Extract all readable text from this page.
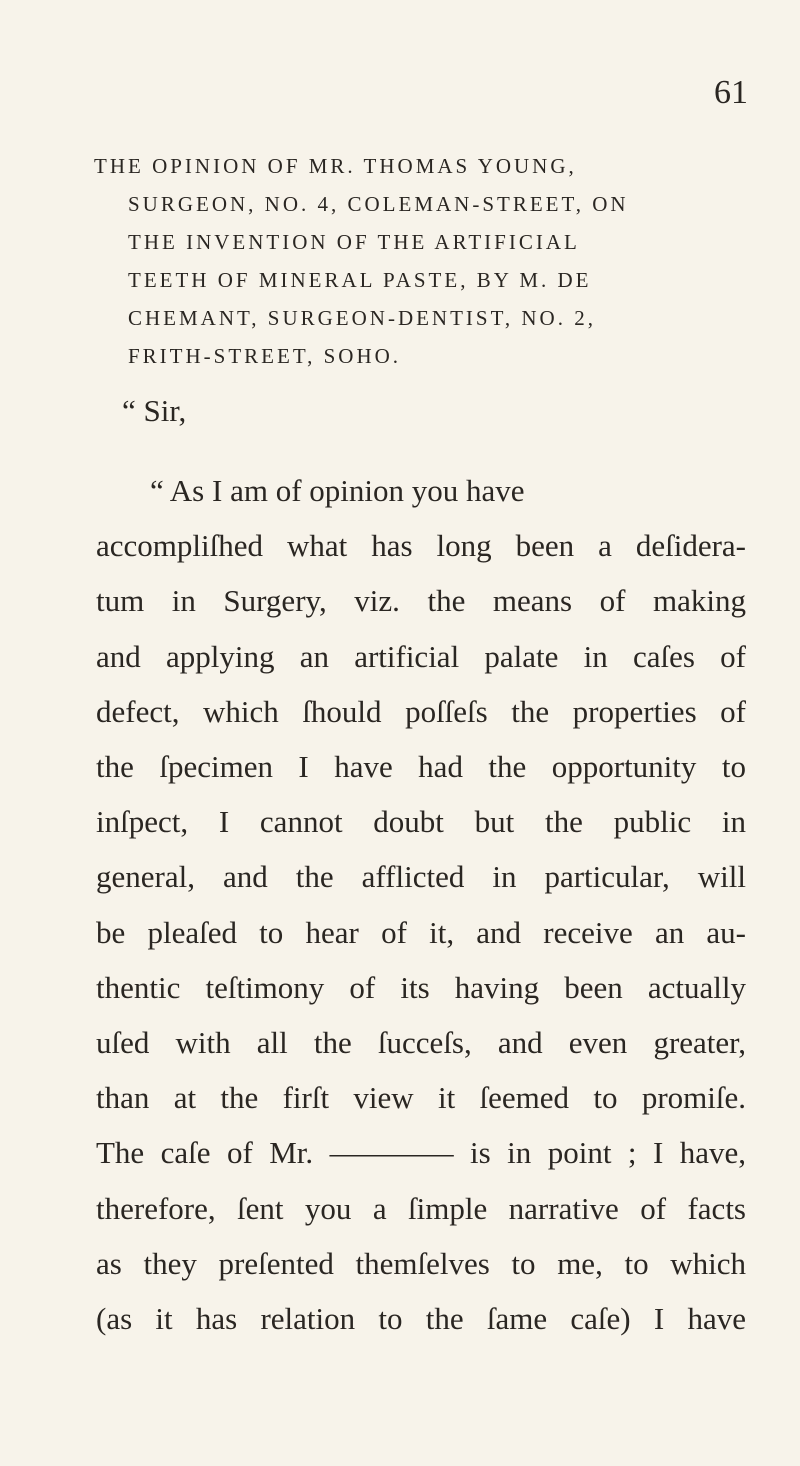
61
THE OPINION OF MR. THOMAS YOUNG,
SURGEON, NO. 4, COLEMAN-STREET, ON
THE INVENTION OF THE ARTIFICIAL
TEETH OF MINERAL PASTE, BY M. DE
CHEMANT, SURGEON-DENTIST, NO. 2,
FRITH-STREET, SOHO.
“ Sir,
“ As I am of opinion you have
accompliſhed what has long been a deſidera-
tum in Surgery, viz. the means of making
and applying an artificial palate in caſes of
defect, which ſhould poſſeſs the properties of
the ſpecimen I have had the opportunity to
inſpect, I cannot doubt but the public in
general, and the afflicted in particular, will
be pleaſed to hear of it, and receive an au-
thentic teſtimony of its having been actually
uſed with all the ſucceſs, and even greater,
than at the firſt view it ſeemed to promiſe.
The caſe of Mr. ———— is in point ; I have,
therefore, ſent you a ſimple narrative of facts
as they preſented themſelves to me, to which
(as it has relation to the ſame caſe) I have
